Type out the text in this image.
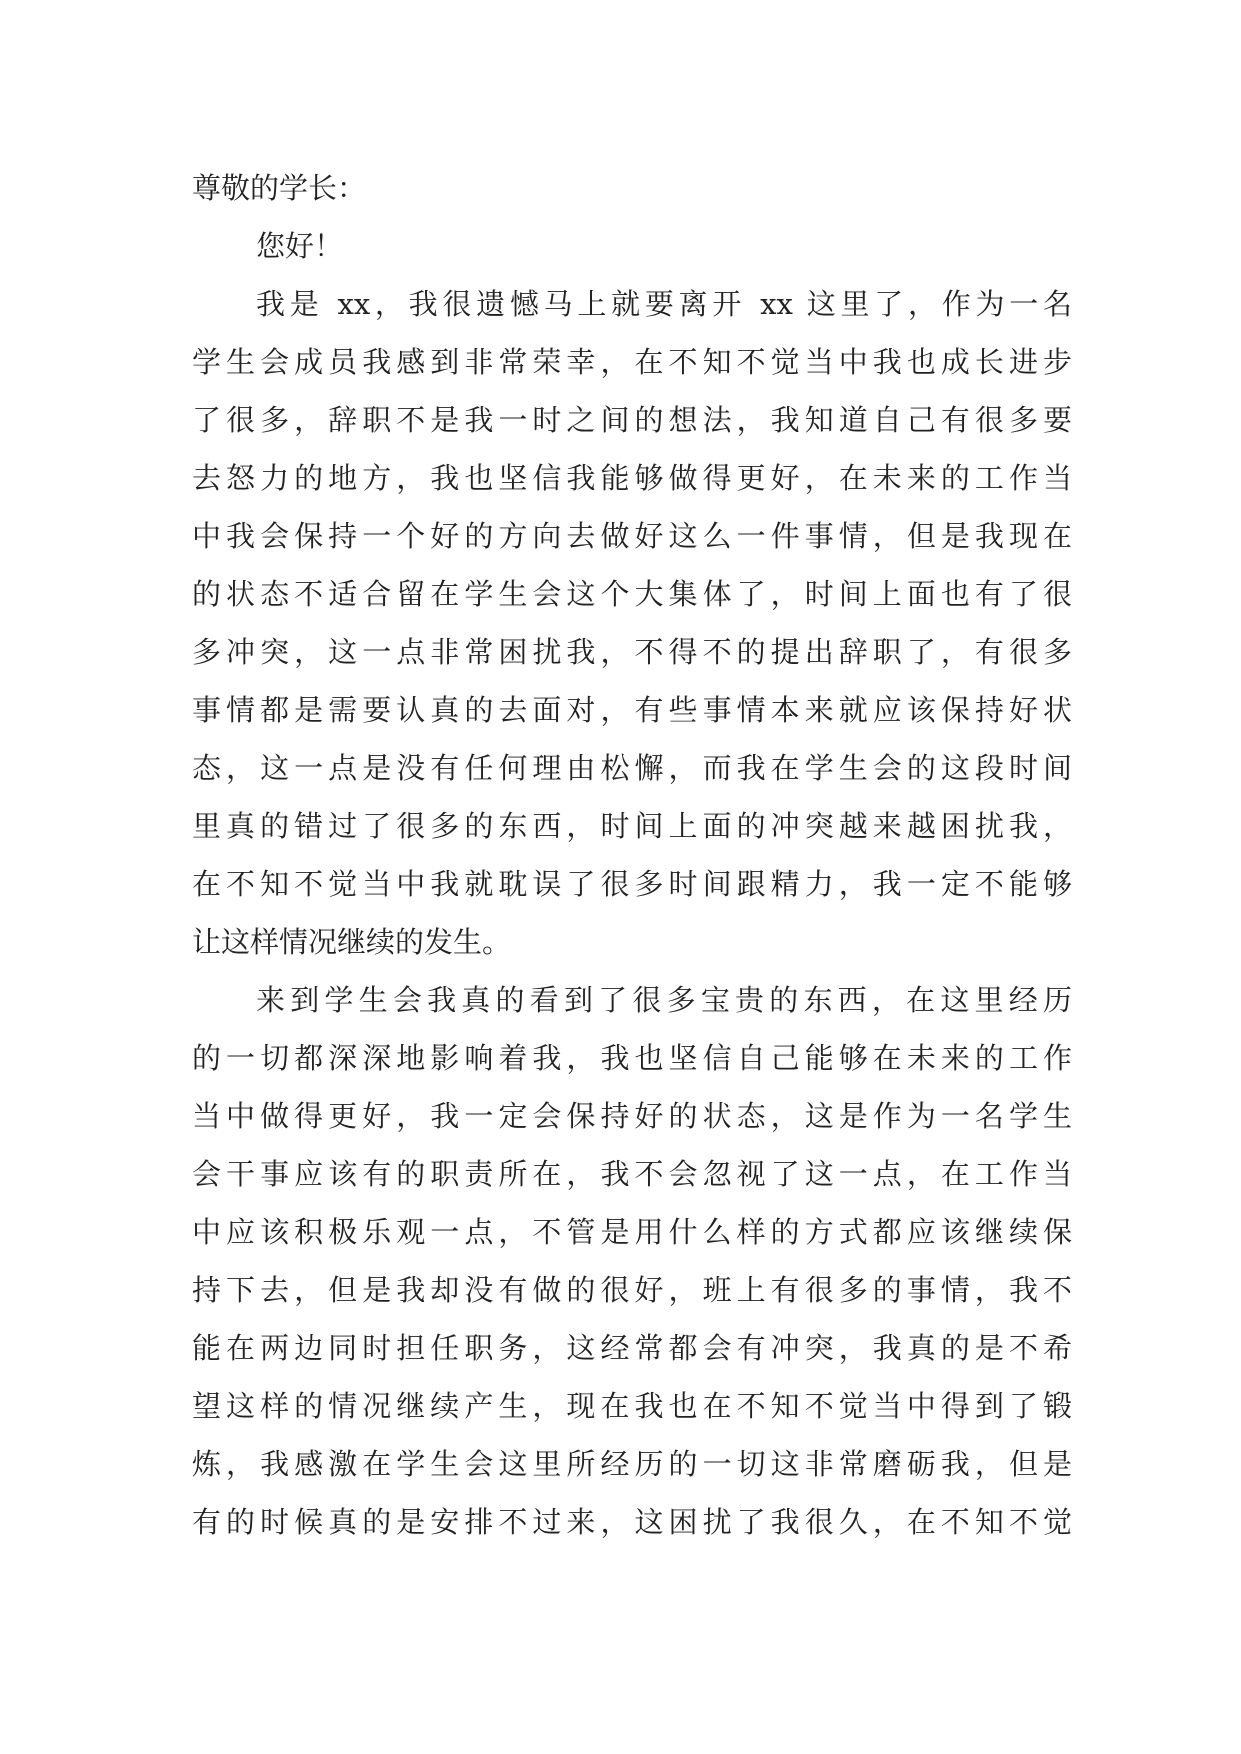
尊敬的学长：
您好！
我是 xx，我很遗憾马上就要离开 xx 这里了，作为一名
学生会成员我感到非常荣幸，在不知不觉当中我也成长进步
了很多，辞职不是我一时之间的想法，我知道自己有很多要
去怒力的地方，我也坚信我能够做得更好，在未来的工作当
中我会保持一个好的方向去做好这么一件事情，但是我现在
的状态不适合留在学生会这个大集体了，时间上面也有了很
多冲突，这一点非常困扰我，不得不的提出辞职了，有很多
事情都是需要认真的去面对，有些事情本来就应该保持好状
态，这一点是没有任何理由松懈，而我在学生会的这段时间
里真的错过了很多的东西，时间上面的冲突越来越困扰我，
在不知不觉当中我就耽误了很多时间跟精力，我一定不能够
让这样情况继续的发生。
来到学生会我真的看到了很多宝贵的东西，在这里经历
的一切都深深地影响着我，我也坚信自己能够在未来的工作
当中做得更好，我一定会保持好的状态，这是作为一名学生
会干事应该有的职责所在，我不会忽视了这一点，在工作当
中应该积极乐观一点，不管是用什么样的方式都应该继续保
持下去，但是我却没有做的很好，班上有很多的事情，我不
能在两边同时担任职务，这经常都会有冲突，我真的是不希
望这样的情况继续产生，现在我也在不知不觉当中得到了锻
炼，我感激在学生会这里所经历的一切这非常磨砺我，但是
有的时候真的是安排不过来，这困扰了我很久，在不知不觉
